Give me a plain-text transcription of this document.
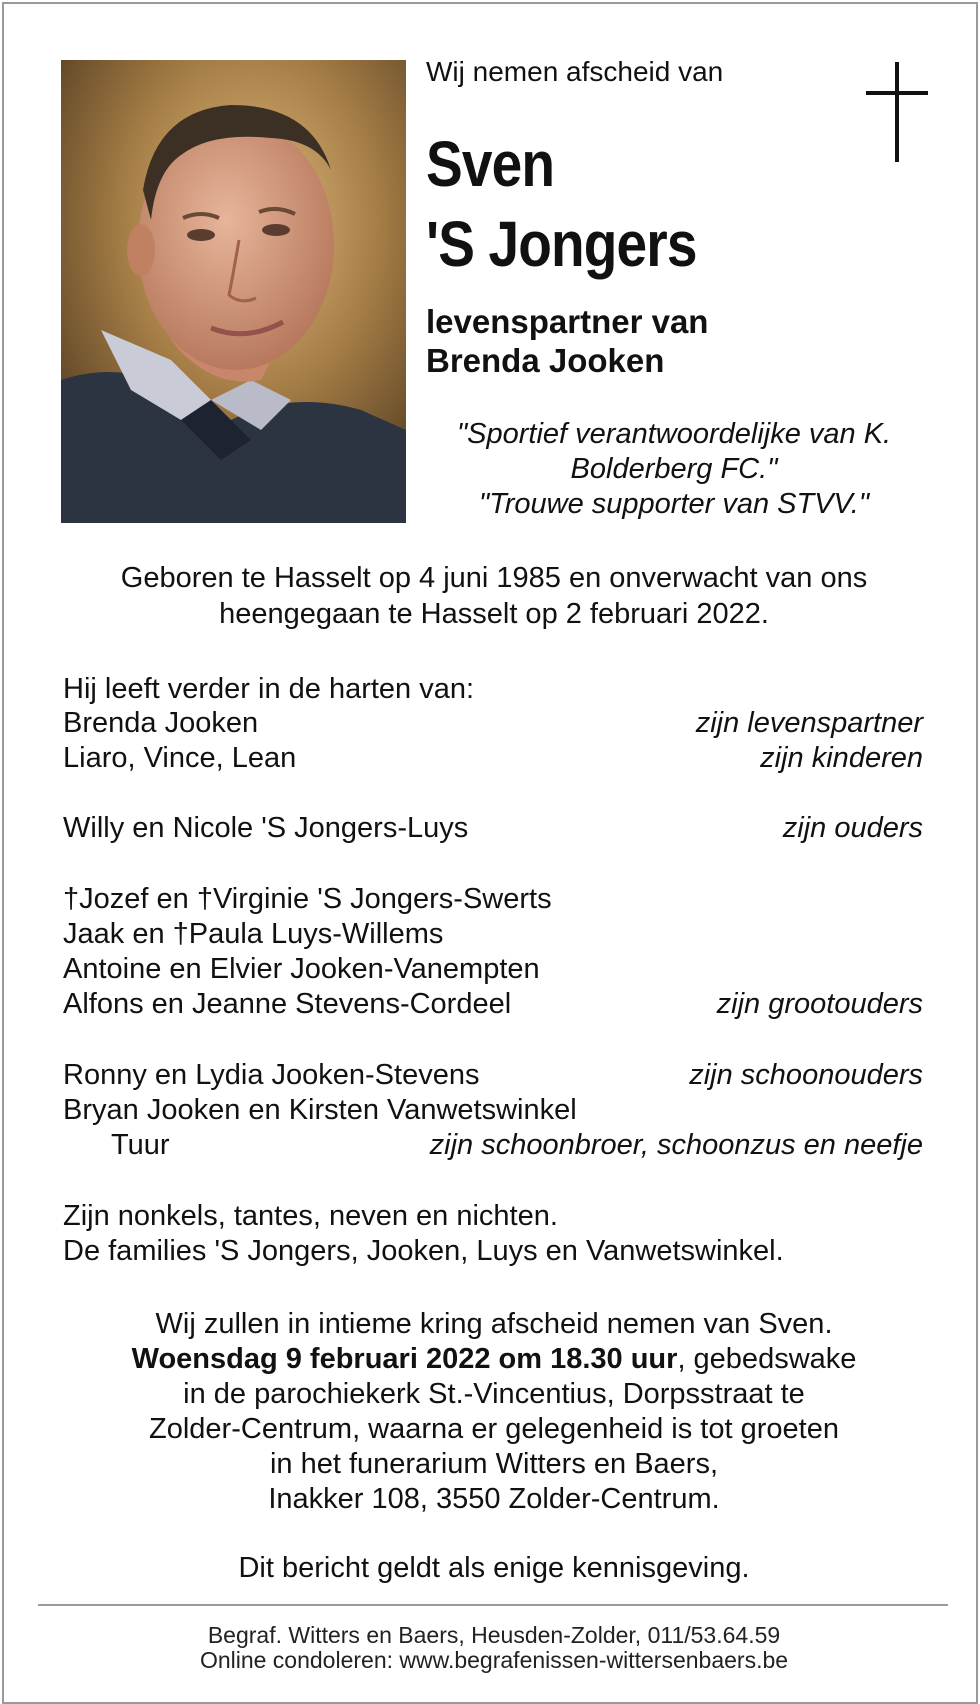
Wij nemen afscheid van
Sven
'S Jongers
levenspartner van
Brenda Jooken
"Sportief verantwoordelijke van K.
Bolderberg FC."
"Trouwe supporter van STVV."
Geboren te Hasselt op 4 juni 1985 en onverwacht van ons
heengegaan te Hasselt op 2 februari 2022.
Hij leeft verder in de harten van:
Brenda Jooken	zijn levenspartner
Liaro, Vince, Lean	zijn kinderen
Willy en Nicole 'S Jongers-Luys	zijn ouders
†Jozef en †Virginie 'S Jongers-Swerts
Jaak en †Paula Luys-Willems
Antoine en Elvier Jooken-Vanempten
Alfons en Jeanne Stevens-Cordeel	zijn grootouders
Ronny en Lydia Jooken-Stevens	zijn schoonouders
Bryan Jooken en Kirsten Vanwetswinkel
Tuur	zijn schoonbroer, schoonzus en neefje
Zijn nonkels, tantes, neven en nichten.
De families 'S Jongers, Jooken, Luys en Vanwetswinkel.
Wij zullen in intieme kring afscheid nemen van Sven.
Woensdag 9 februari 2022 om 18.30 uur, gebedswake
in de parochiekerk St.-Vincentius, Dorpsstraat te
Zolder-Centrum, waarna er gelegenheid is tot groeten
in het funerarium Witters en Baers,
Inakker 108, 3550 Zolder-Centrum.
Dit bericht geldt als enige kennisgeving.
Begraf. Witters en Baers, Heusden-Zolder, 011/53.64.59
Online condoleren: www.begrafenissen-wittersenbaers.be
